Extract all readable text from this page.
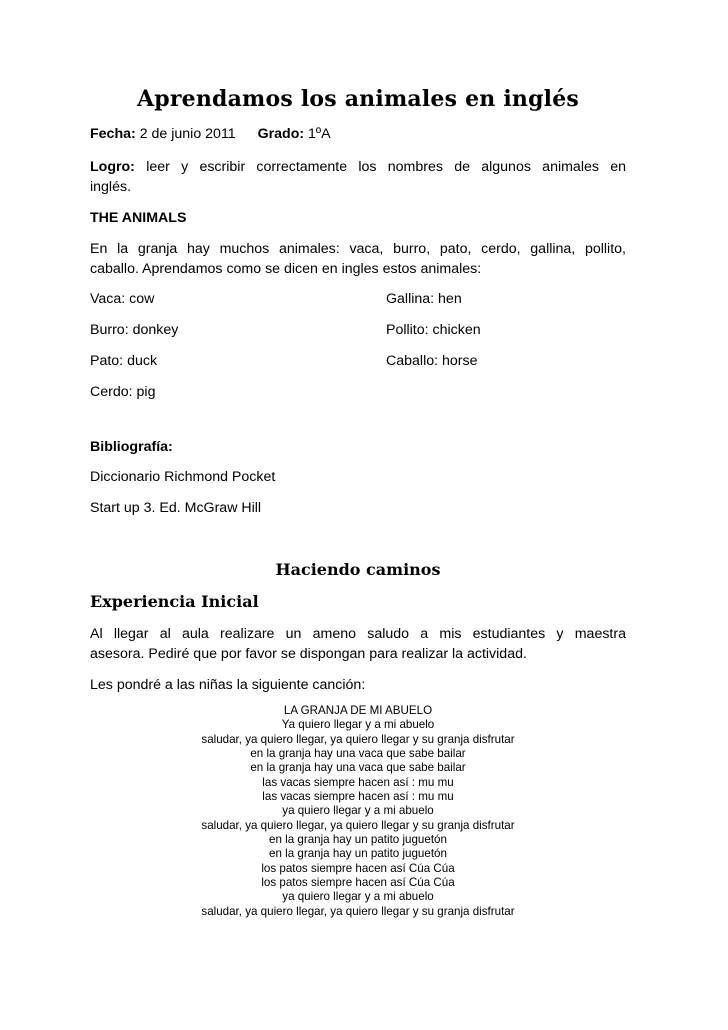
Aprendamos los animales en inglés
Fecha: 2 de junio 2011 Grado: 1ºA
Logro: leer y escribir correctamente los nombres de algunos animales en
inglés.
THE ANIMALS
En la granja hay muchos animales: vaca, burro, pato, cerdo, gallina, pollito,
caballo. Aprendamos como se dicen en ingles estos animales:
Vaca: cow	Gallina: hen
Burro: donkey	Pollito: chicken
Pato: duck	Caballo: horse
Cerdo: pig
Bibliografía:
Diccionario Richmond Pocket
Start up 3. Ed. McGraw Hill
Haciendo caminos
Experiencia Inicial
Al llegar al aula realizare un ameno saludo a mis estudiantes y maestra
asesora. Pediré que por favor se dispongan para realizar la actividad.
Les pondré a las niñas la siguiente canción:
LA GRANJA DE MI ABUELO
Ya quiero llegar y a mi abuelo
saludar, ya quiero llegar, ya quiero llegar y su granja disfrutar
en la granja hay una vaca que sabe bailar
en la granja hay una vaca que sabe bailar
las vacas siempre hacen así : mu mu
las vacas siempre hacen así : mu mu
ya quiero llegar y a mi abuelo
saludar, ya quiero llegar, ya quiero llegar y su granja disfrutar
en la granja hay un patito juguetón
en la granja hay un patito juguetón
los patos siempre hacen así Cúa Cúa
los patos siempre hacen así Cúa Cúa
ya quiero llegar y a mi abuelo
saludar, ya quiero llegar, ya quiero llegar y su granja disfrutar
